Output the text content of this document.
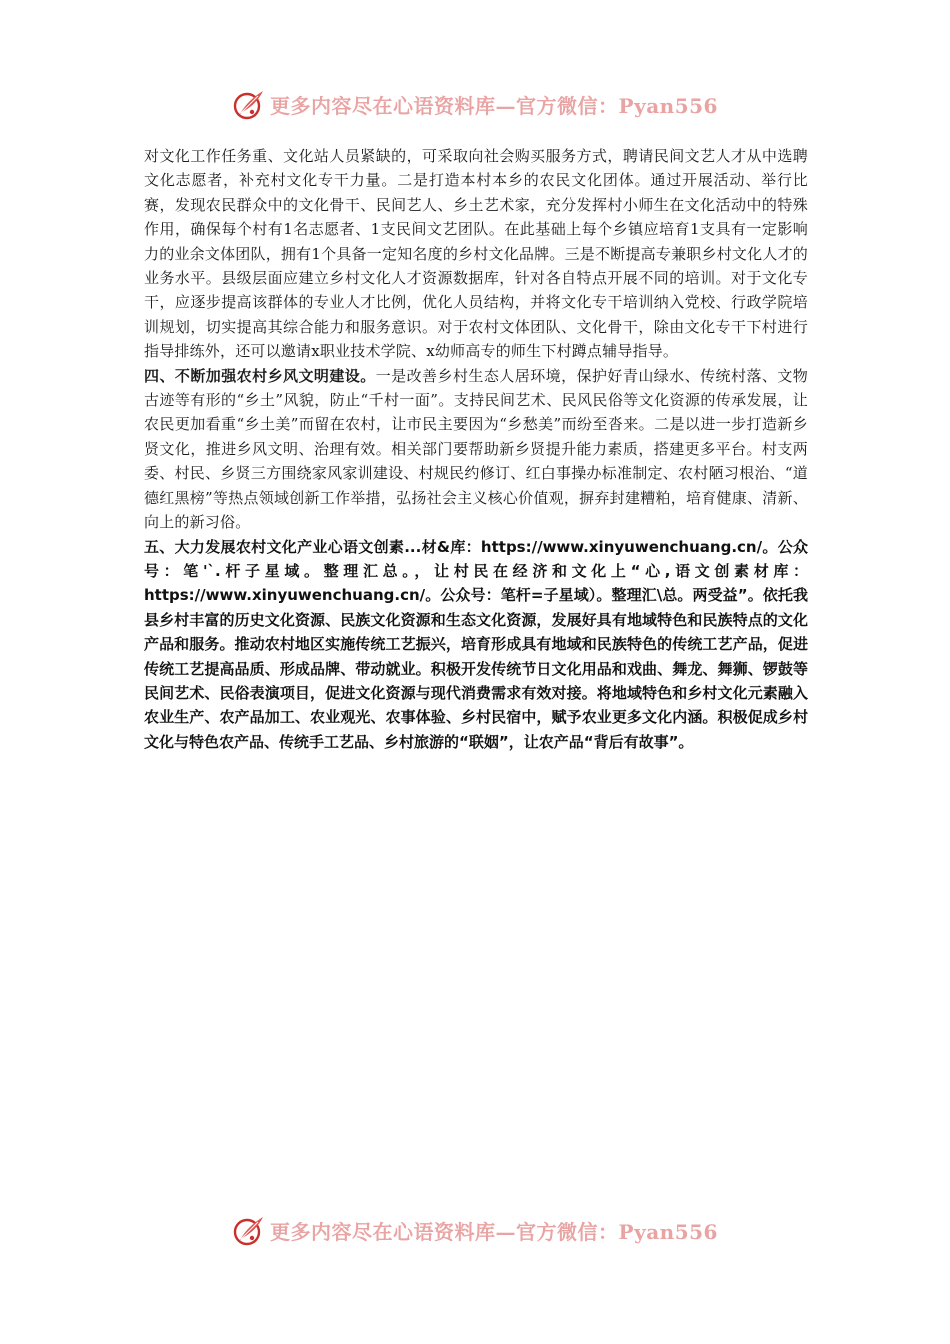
更多内容尽在心语资料库—官方微信：Pyan556

对文化工作任务重、文化站人员紧缺的，可采取向社会购买服务方式，聘请民间文艺人才从中选聘文化志愿者，补充村文化专干力量。二是打造本村本乡的农民文化团体。通过开展活动、举行比赛，发现农民群众中的文化骨干、民间艺人、乡土艺术家，充分发挥村小师生在文化活动中的特殊作用，确保每个村有1名志愿者、1支民间文艺团队。在此基础上每个乡镇应培育1支具有一定影响力的业余文体团队，拥有1个具备一定知名度的乡村文化品牌。三是不断提高专兼职乡村文化人才的业务水平。县级层面应建立乡村文化人才资源数据库，针对各自特点开展不同的培训。对于文化专干，应逐步提高该群体的专业人才比例，优化人员结构，并将文化专干培训纳入党校、行政学院培训规划，切实提高其综合能力和服务意识。对于农村文体团队、文化骨干，除由文化专干下村进行指导排练外，还可以邀请x职业技术学院、x幼师高专的师生下村蹲点辅导指导。

四、不断加强农村乡风文明建设。一是改善乡村生态人居环境，保护好青山绿水、传统村落、文物古迹等有形的“乡土”风貌，防止“千村一面”。支持民间艺术、民风民俗等文化资源的传承发展，让农民更加看重“乡土美”而留在农村，让市民主要因为“乡愁美”而纷至沓来。二是以进一步打造新乡贤文化，推进乡风文明、治理有效。相关部门要帮助新乡贤提升能力素质，搭建更多平台。村支两委、村民、乡贤三方围绕家风家训建设、村规民约修订、红白事操办标准制定、农村陋习根治、“道德红黑榜”等热点领域创新工作举措，弘扬社会主义核心价值观，摒弃封建糟粕，培育健康、清新、向上的新习俗。

五、大力发展农村文化产业心语文创素...材&库：https://www.xinyuwenchuang.cn/。公众号：笔'`.杆子星域。整理汇总。，让村民在经济和文化上“心,语文创素材库：https://www.xinyuwenchuang.cn/。公众号：笔杆=子星域）。整理汇\总。两受益”。依托我县乡村丰富的历史文化资源、民族文化资源和生态文化资源，发展好具有地域特色和民族特点的文化产品和服务。推动农村地区实施传统工艺振兴，培育形成具有地域和民族特色的传统工艺产品，促进传统工艺提高品质、形成品牌、带动就业。积极开发传统节日文化用品和戏曲、舞龙、舞狮、锣鼓等民间艺术、民俗表演项目，促进文化资源与现代消费需求有效对接。将地域特色和乡村文化元素融入农业生产、农产品加工、农业观光、农事体验、乡村民宿中，赋予农业更多文化内涵。积极促成乡村文化与特色农产品、传统手工艺品、乡村旅游的“联姻”，让农产品“背后有故事”。

更多内容尽在心语资料库—官方微信：Pyan556
